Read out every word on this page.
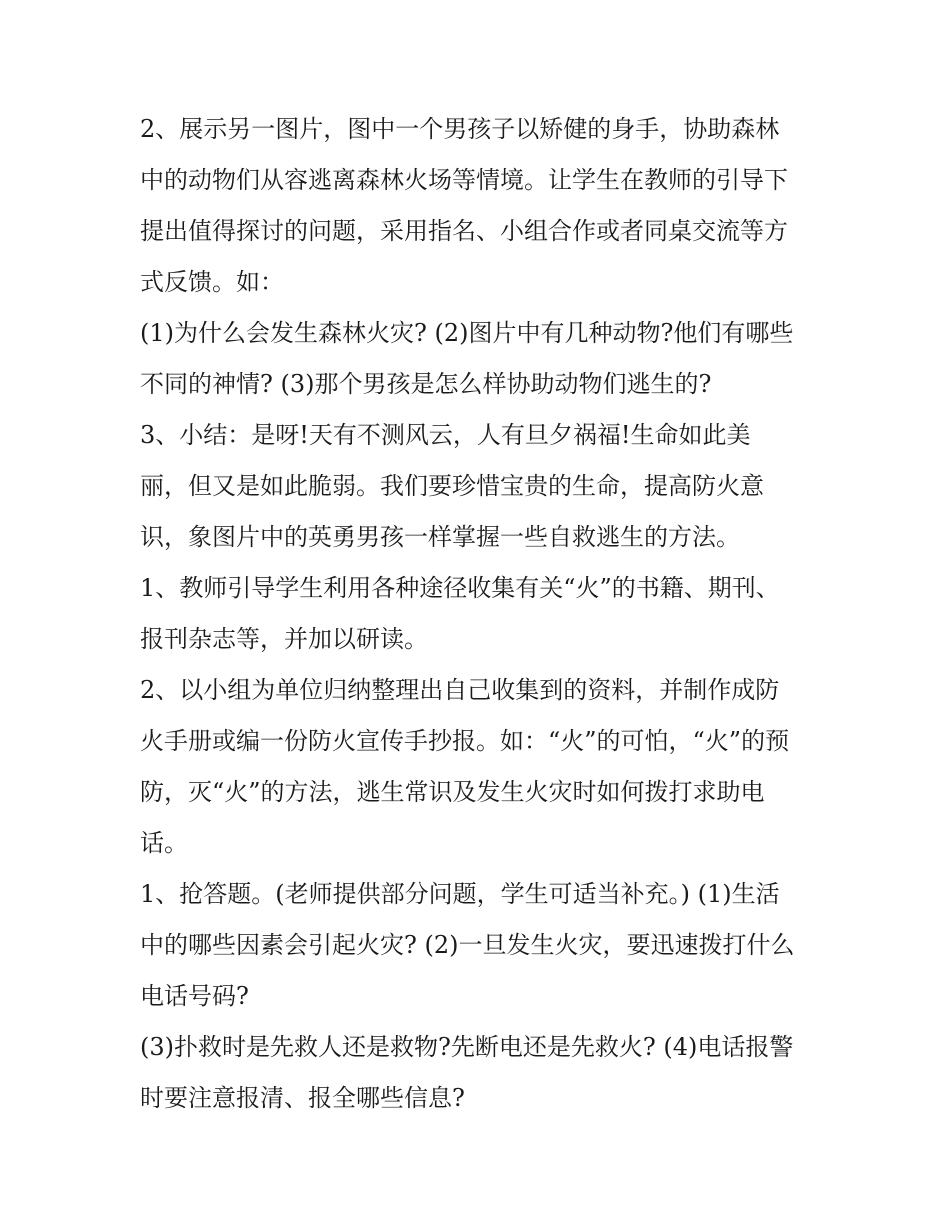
2、展示另一图片，图中一个男孩子以矫健的身手，协助森林
中的动物们从容逃离森林火场等情境。让学生在教师的引导下
提出值得探讨的问题，采用指名、小组合作或者同桌交流等方
式反馈。如：
(1)为什么会发生森林火灾? (2)图片中有几种动物?他们有哪些
不同的神情? (3)那个男孩是怎么样协助动物们逃生的?
3、小结：是呀!天有不测风云，人有旦夕祸福!生命如此美
丽，但又是如此脆弱。我们要珍惜宝贵的生命，提高防火意
识，象图片中的英勇男孩一样掌握一些自救逃生的方法。
1、教师引导学生利用各种途径收集有关“火”的书籍、期刊、
报刊杂志等，并加以研读。
2、以小组为单位归纳整理出自己收集到的资料，并制作成防
火手册或编一份防火宣传手抄报。如：“火”的可怕，“火”的预
防，灭“火”的方法，逃生常识及发生火灾时如何拨打求助电
话。
1、抢答题。(老师提供部分问题，学生可适当补充。) (1)生活
中的哪些因素会引起火灾? (2)一旦发生火灾，要迅速拨打什么
电话号码?
(3)扑救时是先救人还是救物?先断电还是先救火? (4)电话报警
时要注意报清、报全哪些信息?
